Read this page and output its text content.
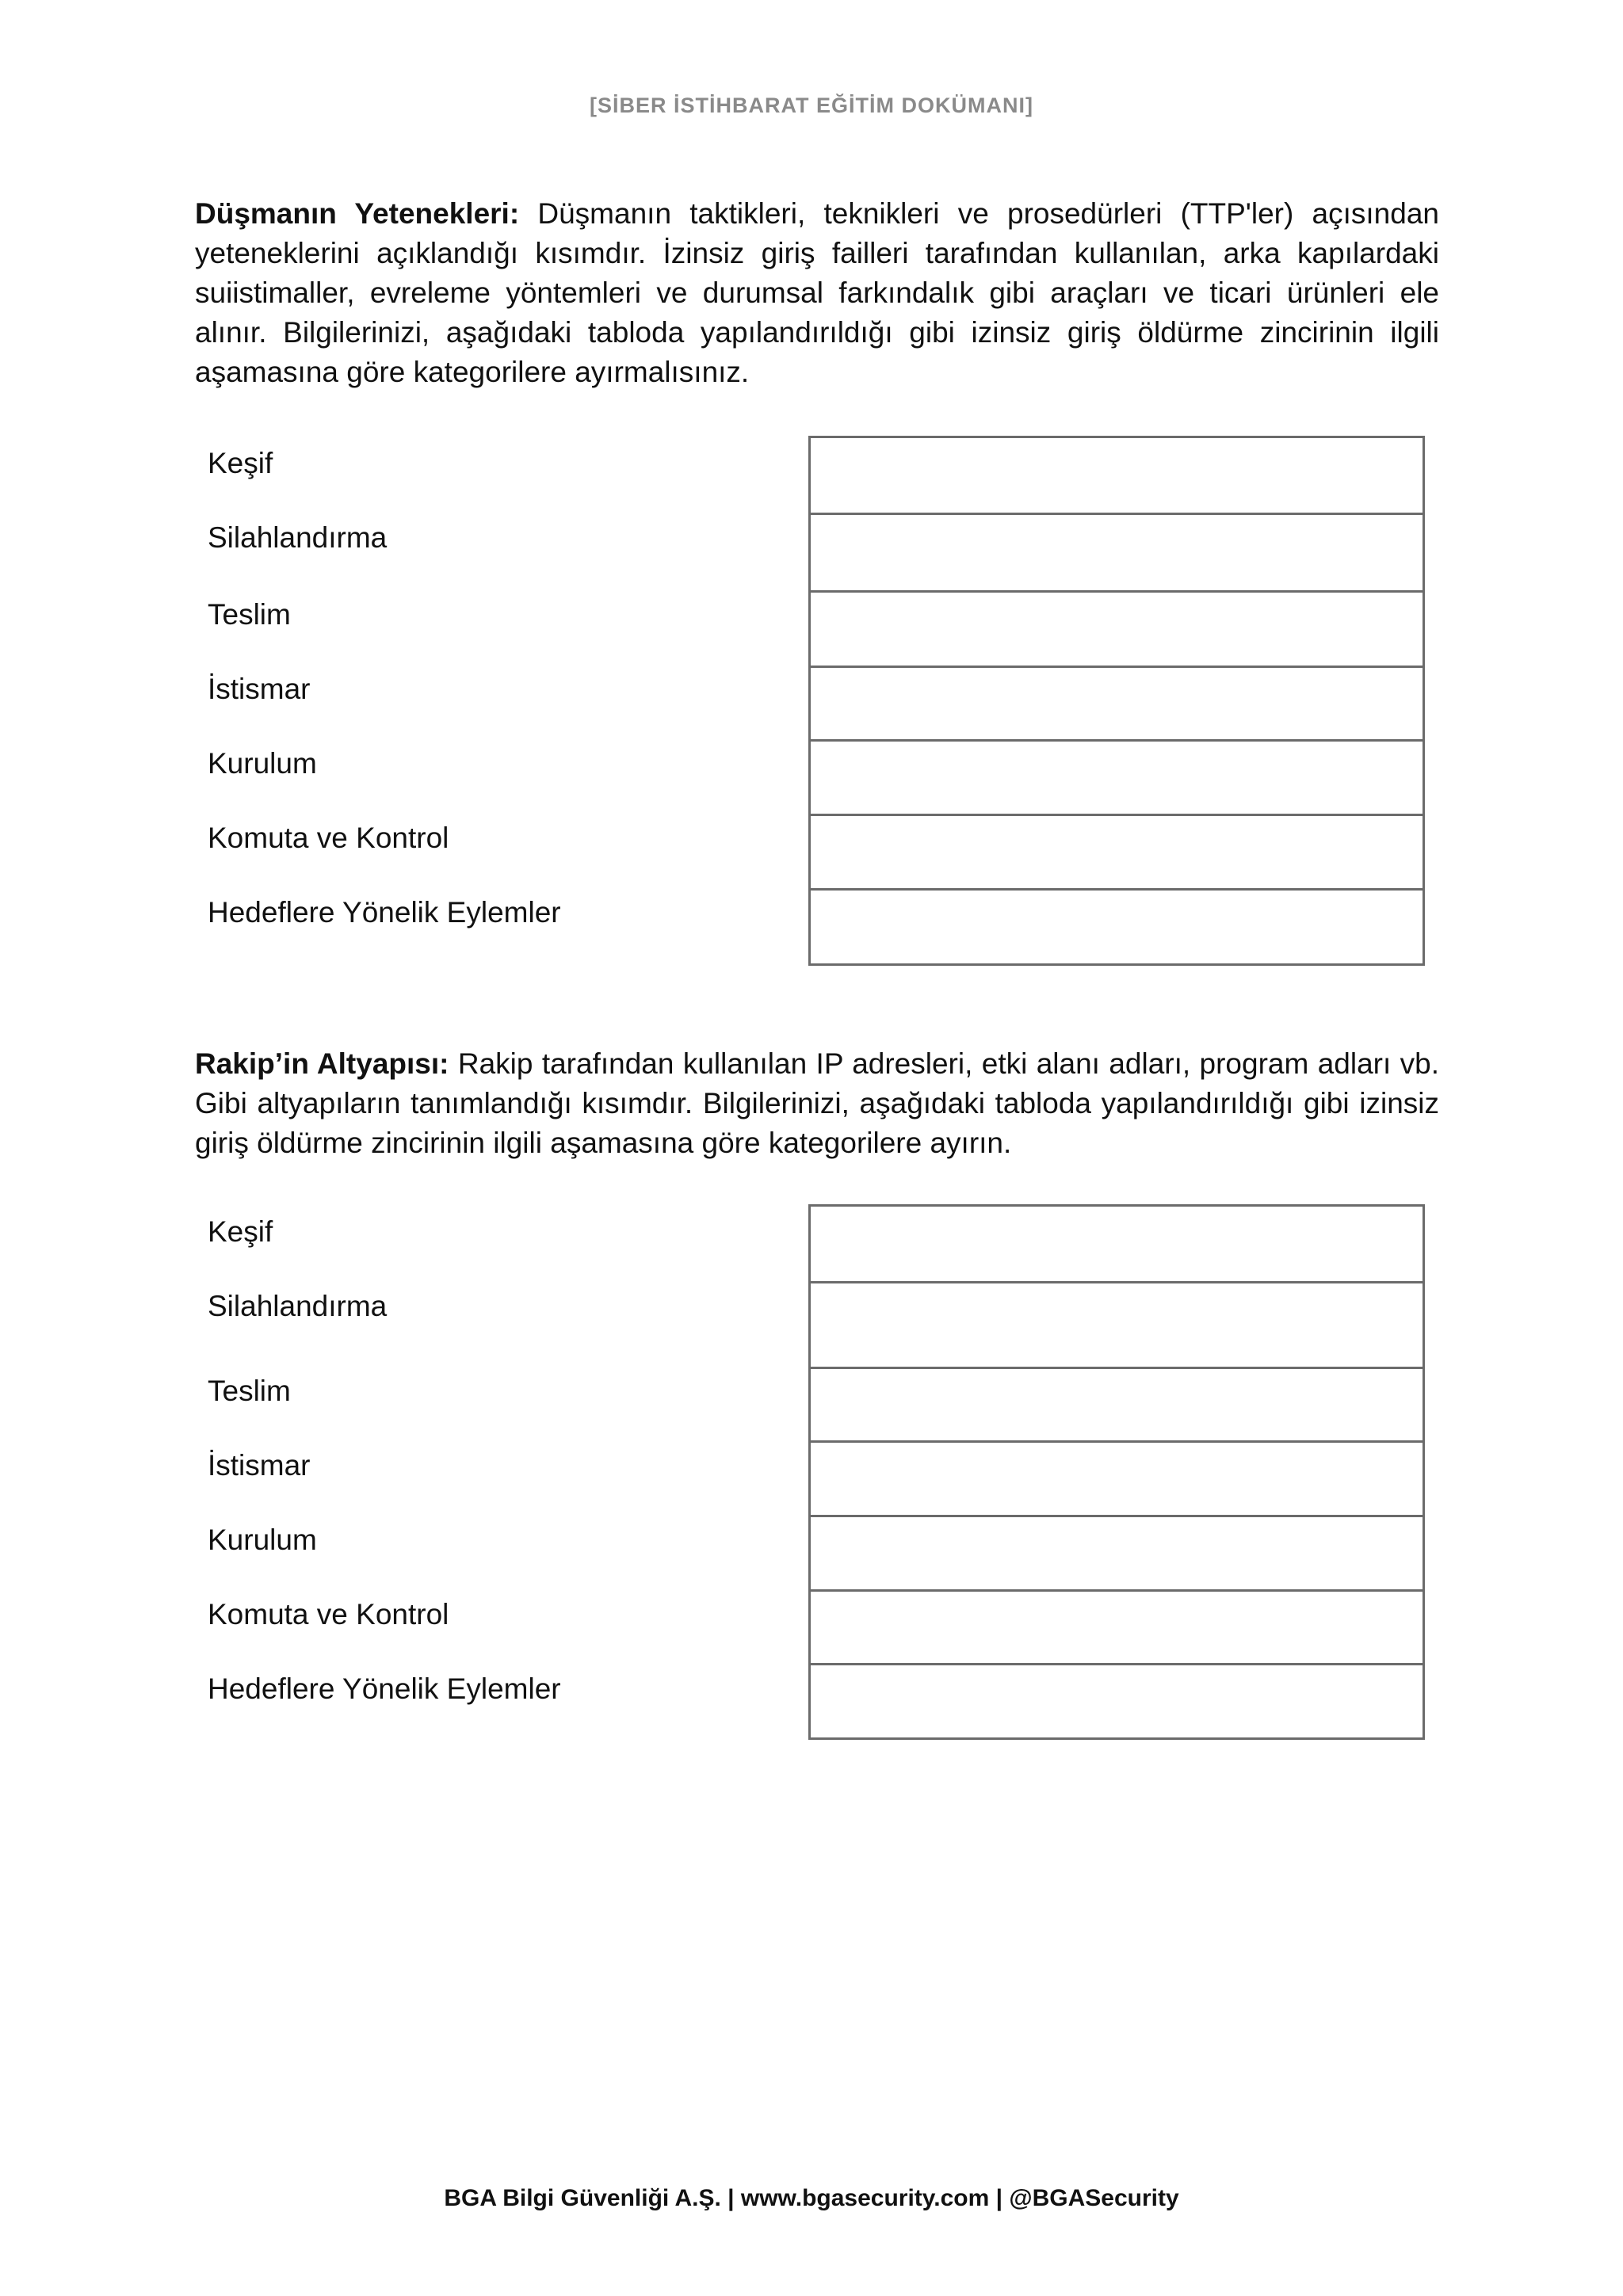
[SİBER İSTİHBARAT EĞİTİM DOKÜMANI]

Düşmanın Yetenekleri: Düşmanın taktikleri, teknikleri ve prosedürleri (TTP'ler) açısından yeteneklerini açıklandığı kısımdır. İzinsiz giriş failleri tarafından kullanılan, arka kapılardaki suiistimaller, evreleme yöntemleri ve durumsal farkındalık gibi araçları ve ticari ürünleri ele alınır. Bilgilerinizi, aşağıdaki tabloda yapılandırıldığı gibi izinsiz giriş öldürme zincirinin ilgili aşamasına göre kategorilere ayırmalısınız.

Keşif
Silahlandırma
Teslim
İstismar
Kurulum
Komuta ve Kontrol
Hedeflere Yönelik Eylemler

Rakip’in Altyapısı: Rakip tarafından kullanılan IP adresleri, etki alanı adları, program adları vb. Gibi altyapıların tanımlandığı kısımdır. Bilgilerinizi, aşağıdaki tabloda yapılandırıldığı gibi izinsiz giriş öldürme zincirinin ilgili aşamasına göre kategorilere ayırın.

Keşif
Silahlandırma
Teslim
İstismar
Kurulum
Komuta ve Kontrol
Hedeflere Yönelik Eylemler
BGA Bilgi Güvenliği A.Ş. | www.bgasecurity.com | @BGASecurity
